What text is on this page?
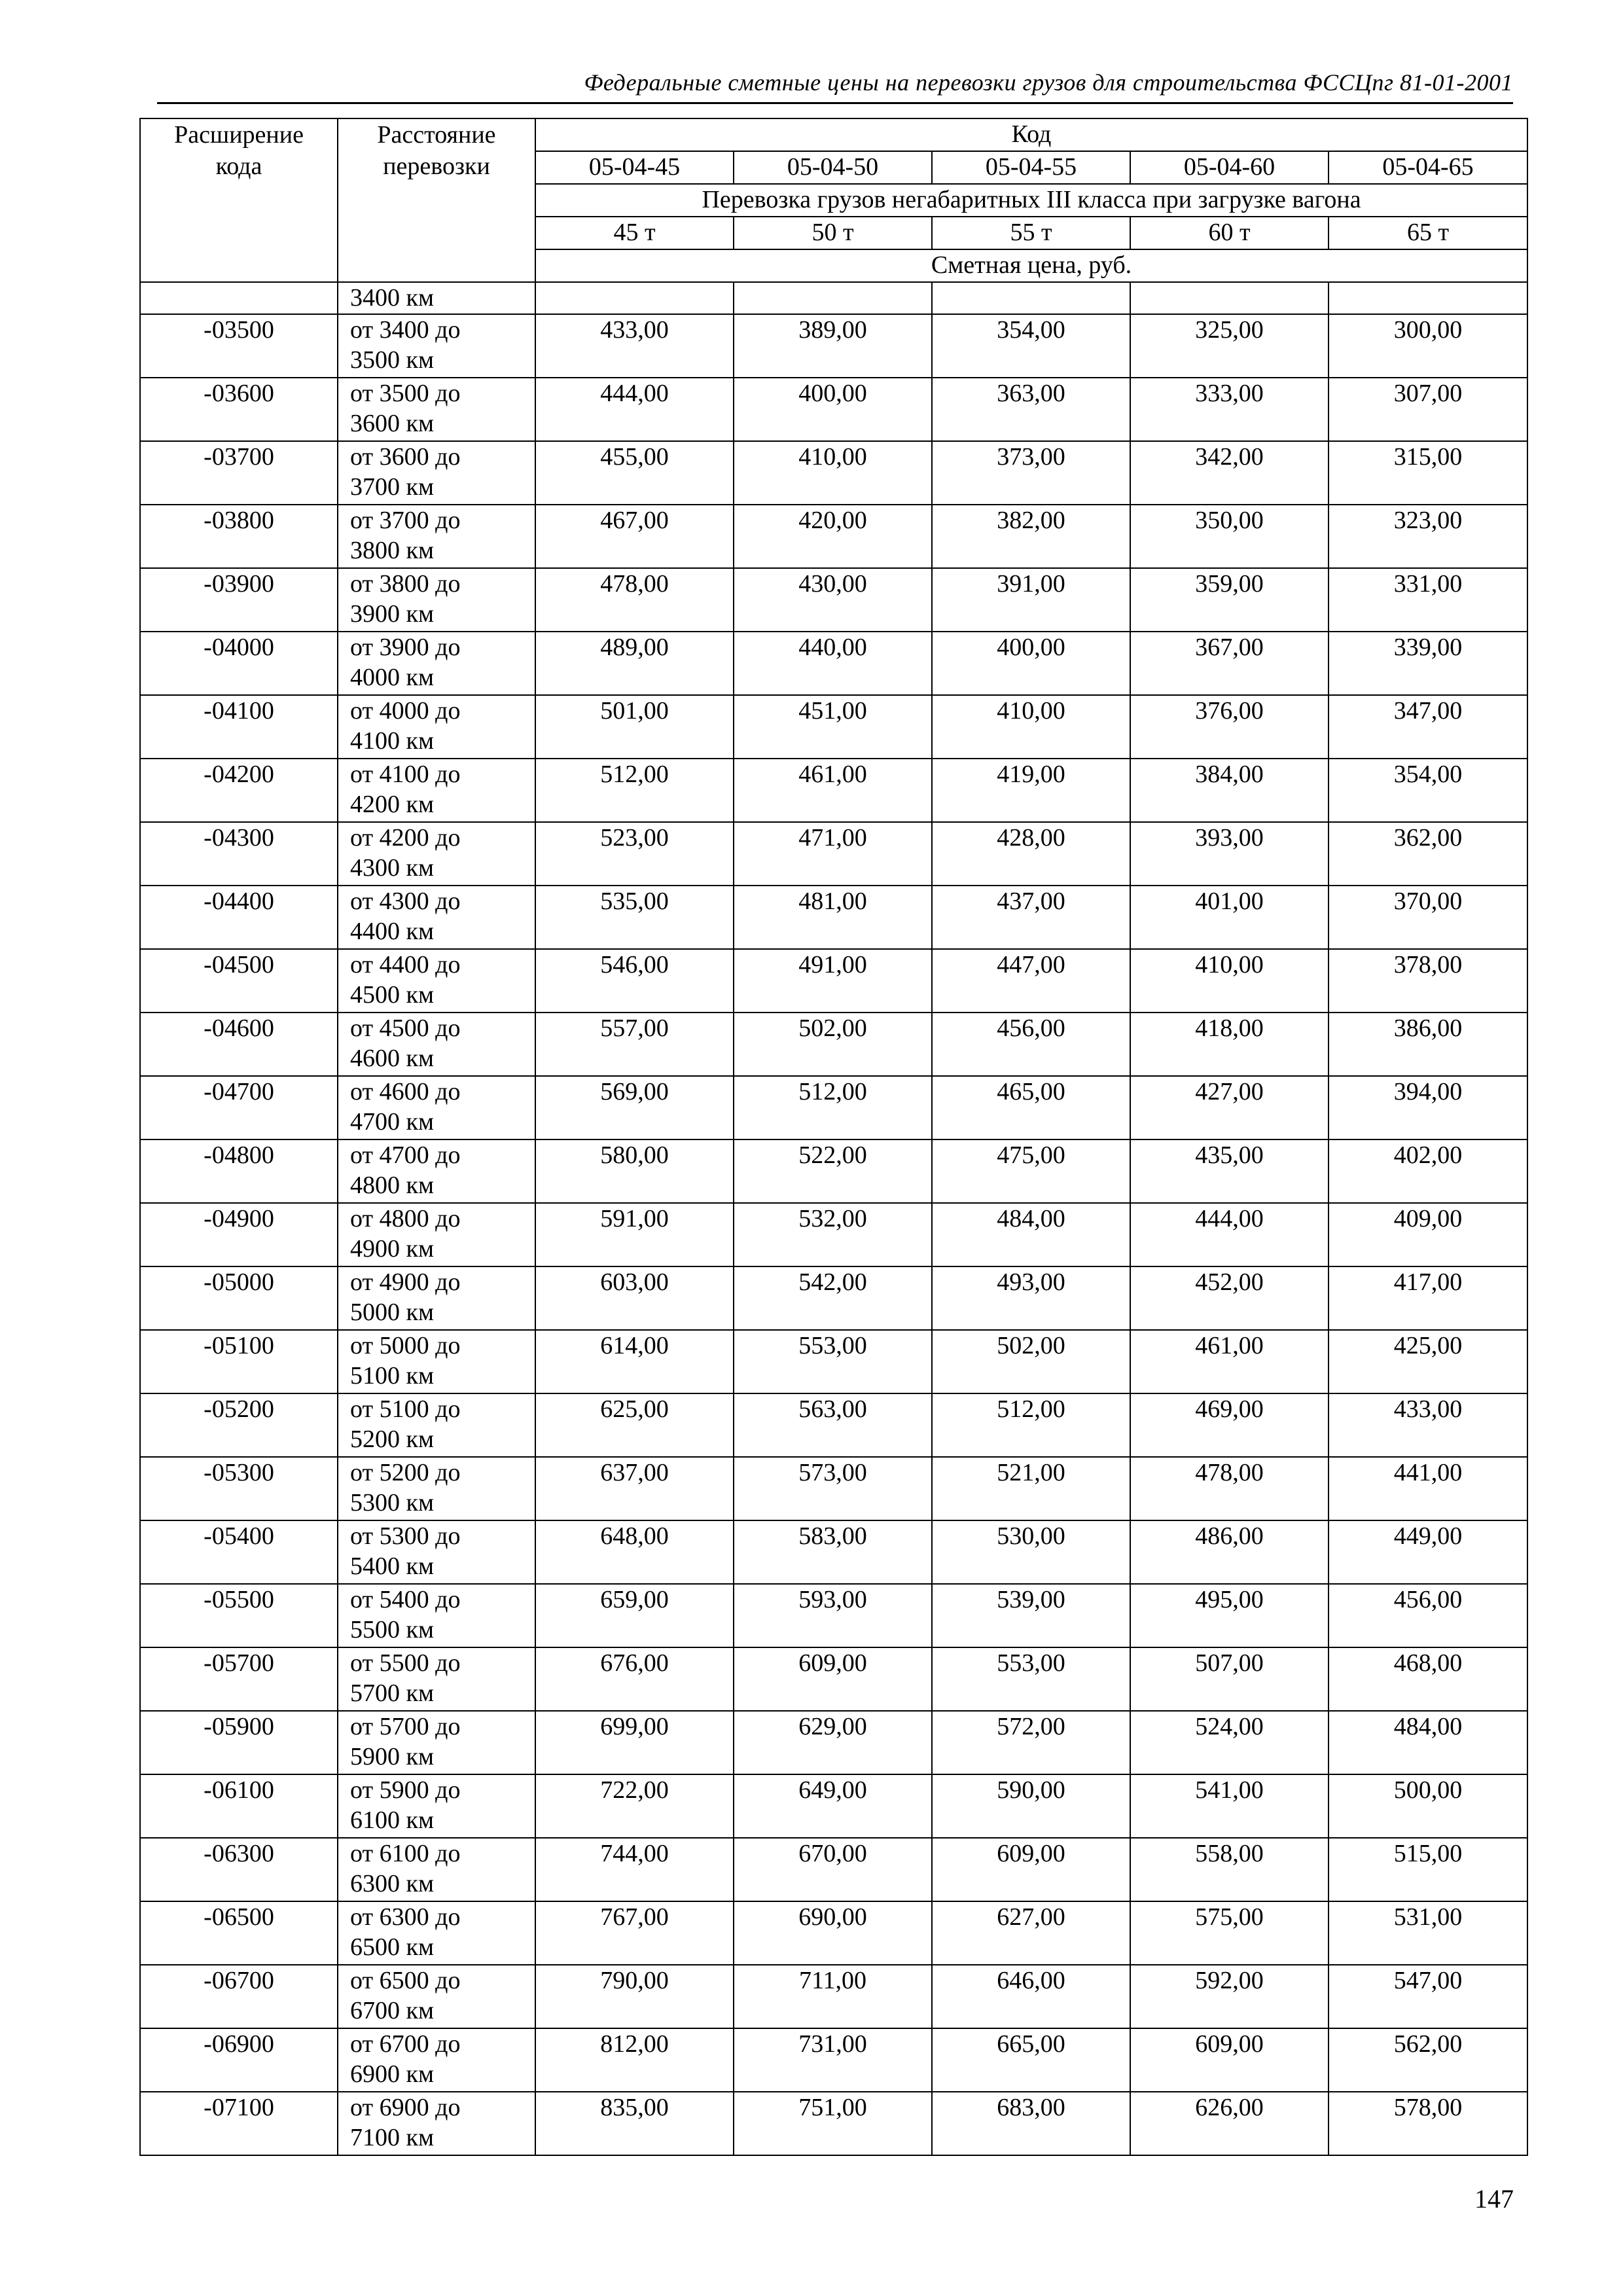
Федеральные сметные цены на перевозки грузов для строительства ФССЦпг 81-01-2001
Расширение кода	Расстояние перевозки	Код				
		05-04-45	05-04-50	05-04-55	05-04-60	05-04-65
		Перевозка грузов негабаритных III класса при загрузке вагона				
		45 т	50 т	55 т	60 т	65 т
		Сметная цена, руб.				
	3400 км					
-03500	от 3400 до
3500 км	433,00	389,00	354,00	325,00	300,00
-03600	от 3500 до
3600 км	444,00	400,00	363,00	333,00	307,00
-03700	от 3600 до
3700 км	455,00	410,00	373,00	342,00	315,00
-03800	от 3700 до
3800 км	467,00	420,00	382,00	350,00	323,00
-03900	от 3800 до
3900 км	478,00	430,00	391,00	359,00	331,00
-04000	от 3900 до
4000 км	489,00	440,00	400,00	367,00	339,00
-04100	от 4000 до
4100 км	501,00	451,00	410,00	376,00	347,00
-04200	от 4100 до
4200 км	512,00	461,00	419,00	384,00	354,00
-04300	от 4200 до
4300 км	523,00	471,00	428,00	393,00	362,00
-04400	от 4300 до
4400 км	535,00	481,00	437,00	401,00	370,00
-04500	от 4400 до
4500 км	546,00	491,00	447,00	410,00	378,00
-04600	от 4500 до
4600 км	557,00	502,00	456,00	418,00	386,00
-04700	от 4600 до
4700 км	569,00	512,00	465,00	427,00	394,00
-04800	от 4700 до
4800 км	580,00	522,00	475,00	435,00	402,00
-04900	от 4800 до
4900 км	591,00	532,00	484,00	444,00	409,00
-05000	от 4900 до
5000 км	603,00	542,00	493,00	452,00	417,00
-05100	от 5000 до
5100 км	614,00	553,00	502,00	461,00	425,00
-05200	от 5100 до
5200 км	625,00	563,00	512,00	469,00	433,00
-05300	от 5200 до
5300 км	637,00	573,00	521,00	478,00	441,00
-05400	от 5300 до
5400 км	648,00	583,00	530,00	486,00	449,00
-05500	от 5400 до
5500 км	659,00	593,00	539,00	495,00	456,00
-05700	от 5500 до
5700 км	676,00	609,00	553,00	507,00	468,00
-05900	от 5700 до
5900 км	699,00	629,00	572,00	524,00	484,00
-06100	от 5900 до
6100 км	722,00	649,00	590,00	541,00	500,00
-06300	от 6100 до
6300 км	744,00	670,00	609,00	558,00	515,00
-06500	от 6300 до
6500 км	767,00	690,00	627,00	575,00	531,00
-06700	от 6500 до
6700 км	790,00	711,00	646,00	592,00	547,00
-06900	от 6700 до
6900 км	812,00	731,00	665,00	609,00	562,00
-07100	от 6900 до
7100 км	835,00	751,00	683,00	626,00	578,00
147
